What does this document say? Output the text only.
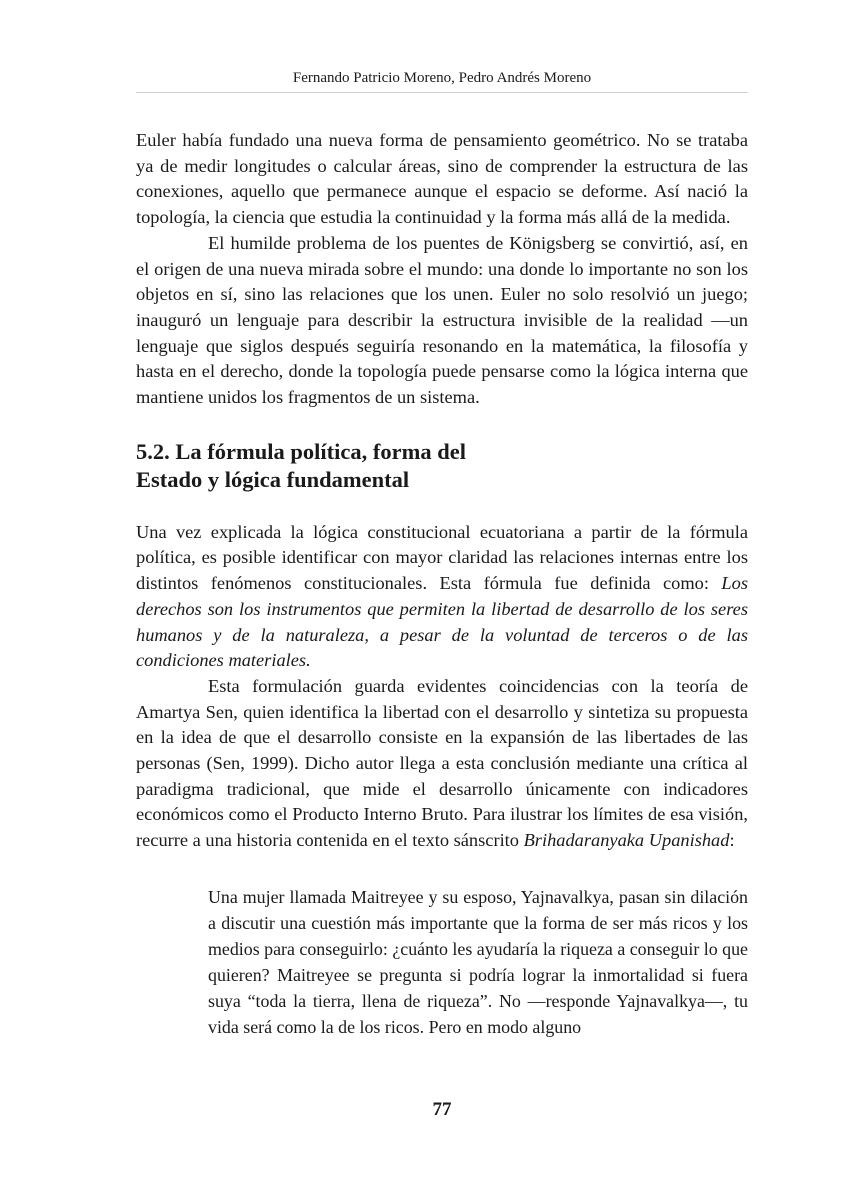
Fernando Patricio Moreno, Pedro Andrés Moreno

Euler había fundado una nueva forma de pensamiento geométrico. No se trataba ya de medir longitudes o calcular áreas, sino de comprender la estructura de las conexiones, aquello que permanece aunque el espacio se deforme. Así nació la topología, la ciencia que estudia la continuidad y la forma más allá de la medida.

El humilde problema de los puentes de Königsberg se convirtió, así, en el origen de una nueva mirada sobre el mundo: una donde lo importante no son los objetos en sí, sino las relaciones que los unen. Euler no solo resolvió un juego; inauguró un lenguaje para describir la estructura invisible de la realidad —un lenguaje que siglos después seguiría resonando en la matemática, la filosofía y hasta en el derecho, donde la topología puede pensarse como la lógica interna que mantiene unidos los fragmentos de un sistema.

5.2. La fórmula política, forma del
Estado y lógica fundamental

Una vez explicada la lógica constitucional ecuatoriana a partir de la fórmula política, es posible identificar con mayor claridad las relaciones internas entre los distintos fenómenos constitucionales. Esta fórmula fue definida como: Los derechos son los instrumentos que permiten la libertad de desarrollo de los seres humanos y de la naturaleza, a pesar de la voluntad de terceros o de las condiciones materiales.

Esta formulación guarda evidentes coincidencias con la teoría de Amartya Sen, quien identifica la libertad con el desarrollo y sintetiza su propuesta en la idea de que el desarrollo consiste en la expansión de las libertades de las personas (Sen, 1999). Dicho autor llega a esta conclusión mediante una crítica al paradigma tradicional, que mide el desarrollo únicamente con indicadores económicos como el Producto Interno Bruto. Para ilustrar los límites de esa visión, recurre a una historia contenida en el texto sánscrito Brihadaranyaka Upanishad:

Una mujer llamada Maitreyee y su esposo, Yajnavalkya, pasan sin dilación a discutir una cuestión más importante que la forma de ser más ricos y los medios para conseguirlo: ¿cuánto les ayudaría la riqueza a conseguir lo que quieren? Maitreyee se pregunta si podría lograr la inmortalidad si fuera suya “toda la tierra, llena de riqueza”. No —responde Yajnavalkya—, tu vida será como la de los ricos. Pero en modo alguno

77
